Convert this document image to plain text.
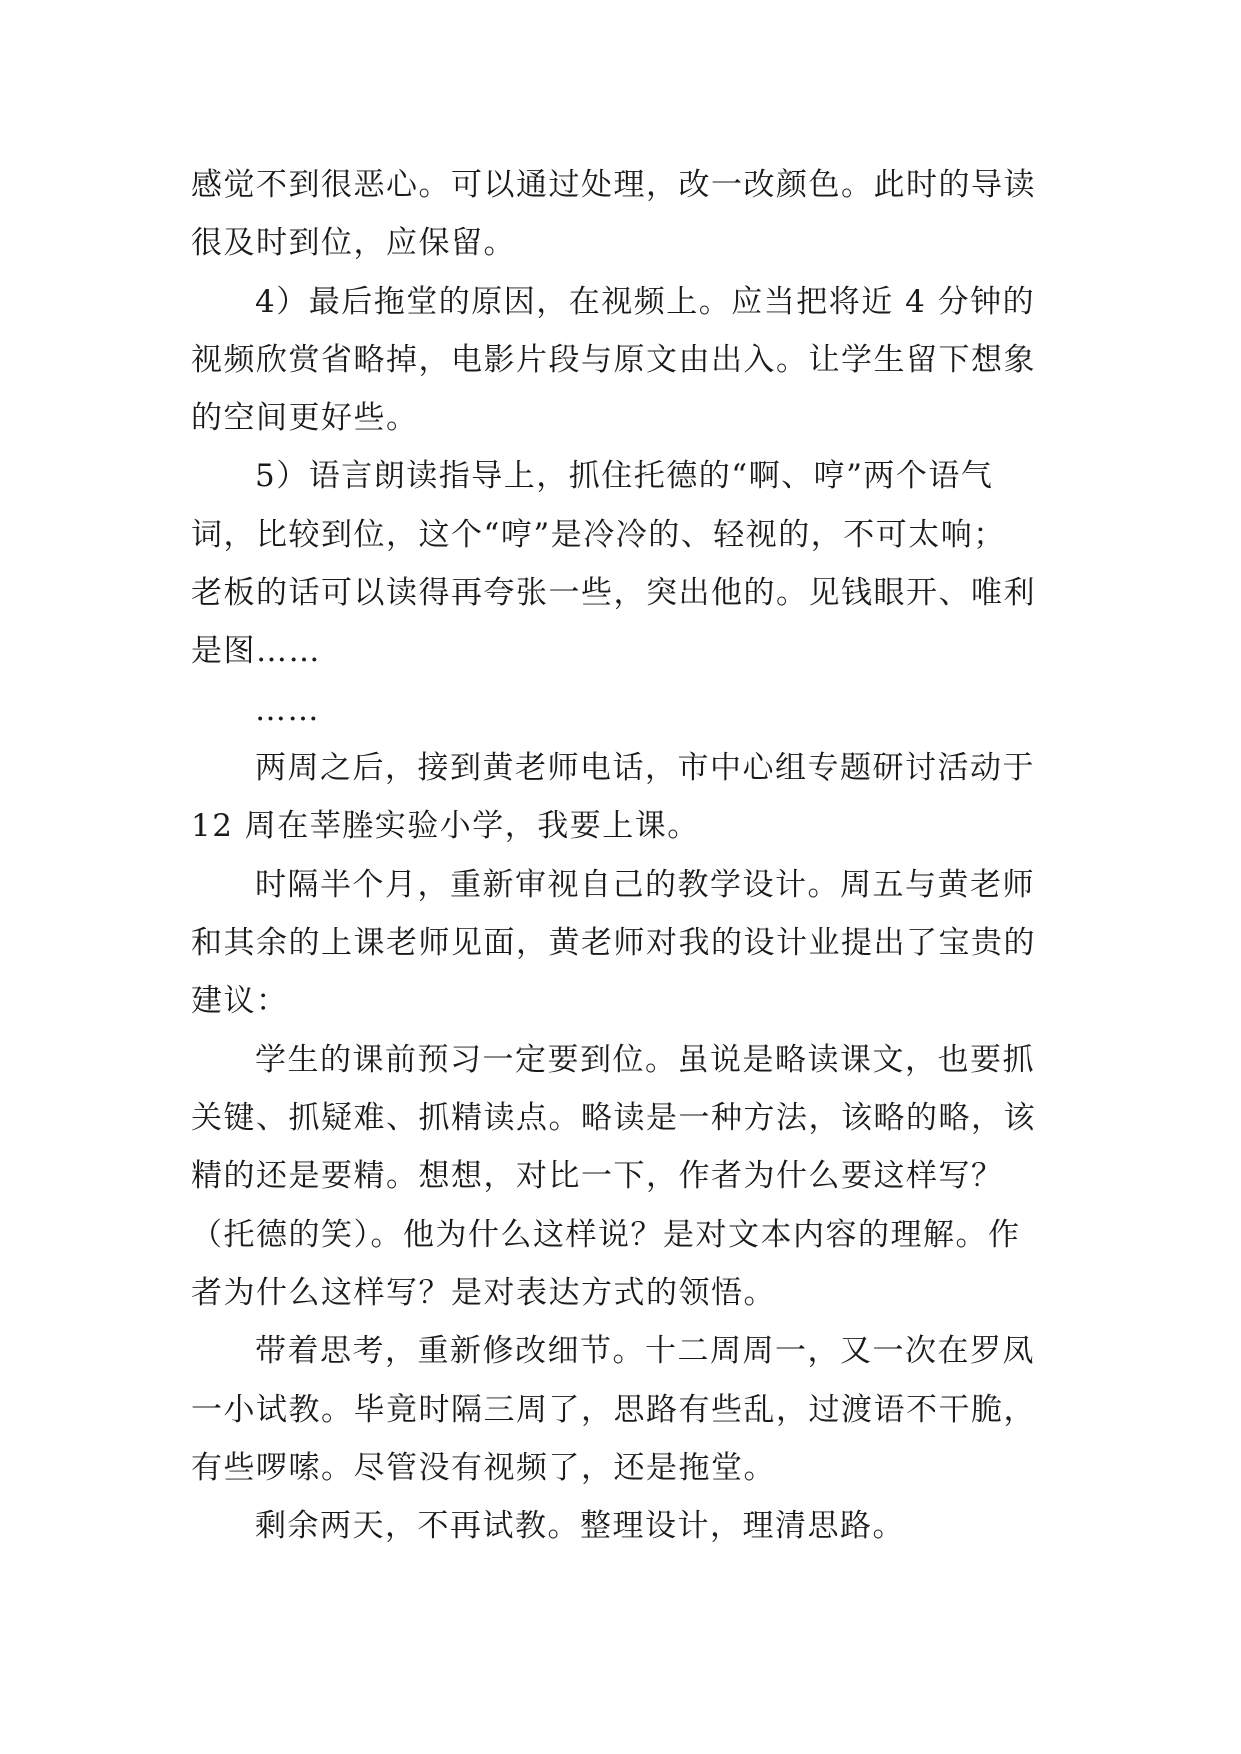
感觉不到很恶心。可以通过处理，改一改颜色。此时的导读
很及时到位，应保留。
4）最后拖堂的原因，在视频上。应当把将近 4 分钟的
视频欣赏省略掉，电影片段与原文由出入。让学生留下想象
的空间更好些。
5）语言朗读指导上，抓住托德的“啊、哼”两个语气
词，比较到位，这个“哼”是冷冷的、轻视的，不可太响；
老板的话可以读得再夸张一些，突出他的。见钱眼开、唯利
是图……
……
两周之后，接到黄老师电话，市中心组专题研讨活动于
12 周在莘塍实验小学，我要上课。
时隔半个月，重新审视自己的教学设计。周五与黄老师
和其余的上课老师见面，黄老师对我的设计业提出了宝贵的
建议：
学生的课前预习一定要到位。虽说是略读课文，也要抓
关键、抓疑难、抓精读点。略读是一种方法，该略的略，该
精的还是要精。想想，对比一下，作者为什么要这样写？
（托德的笑）。他为什么这样说？是对文本内容的理解。作
者为什么这样写？是对表达方式的领悟。
带着思考，重新修改细节。十二周周一，又一次在罗凤
一小试教。毕竟时隔三周了，思路有些乱，过渡语不干脆，
有些啰嗦。尽管没有视频了，还是拖堂。
剩余两天，不再试教。整理设计，理清思路。
